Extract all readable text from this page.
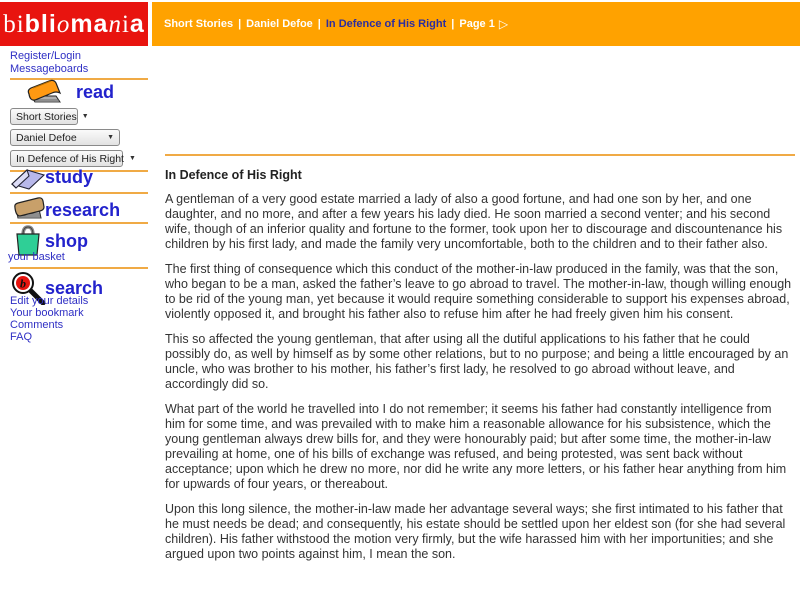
b i bli o ma n i a Short Stories | Daniel Defoe | In Defence of His Right | Page 1 ▷
Register/Login
Messageboards
read
Short Stories ▼
Daniel Defoe	▼
In Defence of His Right ▼
study
research
shop
your basket
b search
Edit your details
Your bookmark
Comments
FAQ
In Defence of His Right

A gentleman of a very good estate married a lady of also a good fortune, and had one son by her, and one daughter, and no more, and after a few years his lady died. He soon married a second venter; and his second wife, though of an inferior quality and fortune to the former, took upon her to discourage and discountenance his children by his first lady, and made the family very uncomfortable, both to the children and to their father also.

The first thing of consequence which this conduct of the mother-in-law produced in the family, was that the son, who began to be a man, asked the father’s leave to go abroad to travel. The mother-in-law, though willing enough to be rid of the young man, yet because it would require something considerable to support his expenses abroad, violently opposed it, and brought his father also to refuse him after he had freely given him his consent.

This so affected the young gentleman, that after using all the dutiful applications to his father that he could possibly do, as well by himself as by some other relations, but to no purpose; and being a little encouraged by an uncle, who was brother to his mother, his father’s first lady, he resolved to go abroad without leave, and accordingly did so.

What part of the world he travelled into I do not remember; it seems his father had constantly intelligence from him for some time, and was prevailed with to make him a reasonable allowance for his subsistence, which the young gentleman always drew bills for, and they were honourably paid; but after some time, the mother-in-law prevailing at home, one of his bills of exchange was refused, and being protested, was sent back without acceptance; upon which he drew no more, nor did he write any more letters, or his father hear anything from him for upwards of four years, or thereabout.

Upon this long silence, the mother-in-law made her advantage several ways; she first intimated to his father that he must needs be dead; and consequently, his estate should be settled upon her eldest son (for she had several children). His father withstood the motion very firmly, but the wife harassed him with her importunities; and she argued upon two points against him, I mean the son.
